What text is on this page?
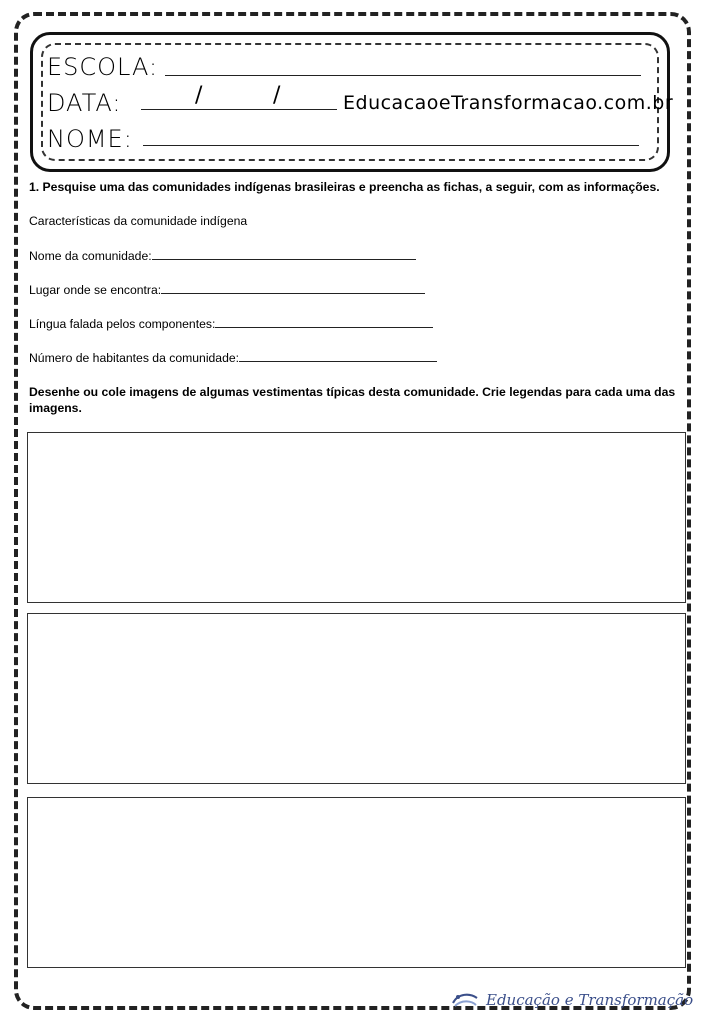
ESCOLA:
DATA:	/	/	EducacaoeTransformacao.com.br
NOME:
1. Pesquise uma das comunidades indígenas brasileiras e preencha as fichas, a seguir, com as informações.
Características da comunidade indígena
Nome da comunidade:
Lugar onde se encontra:
Língua falada pelos componentes:
Número de habitantes da comunidade:
Desenhe ou cole imagens de algumas vestimentas típicas desta comunidade. Crie legendas para cada uma das imagens.
Educação e Transformação
